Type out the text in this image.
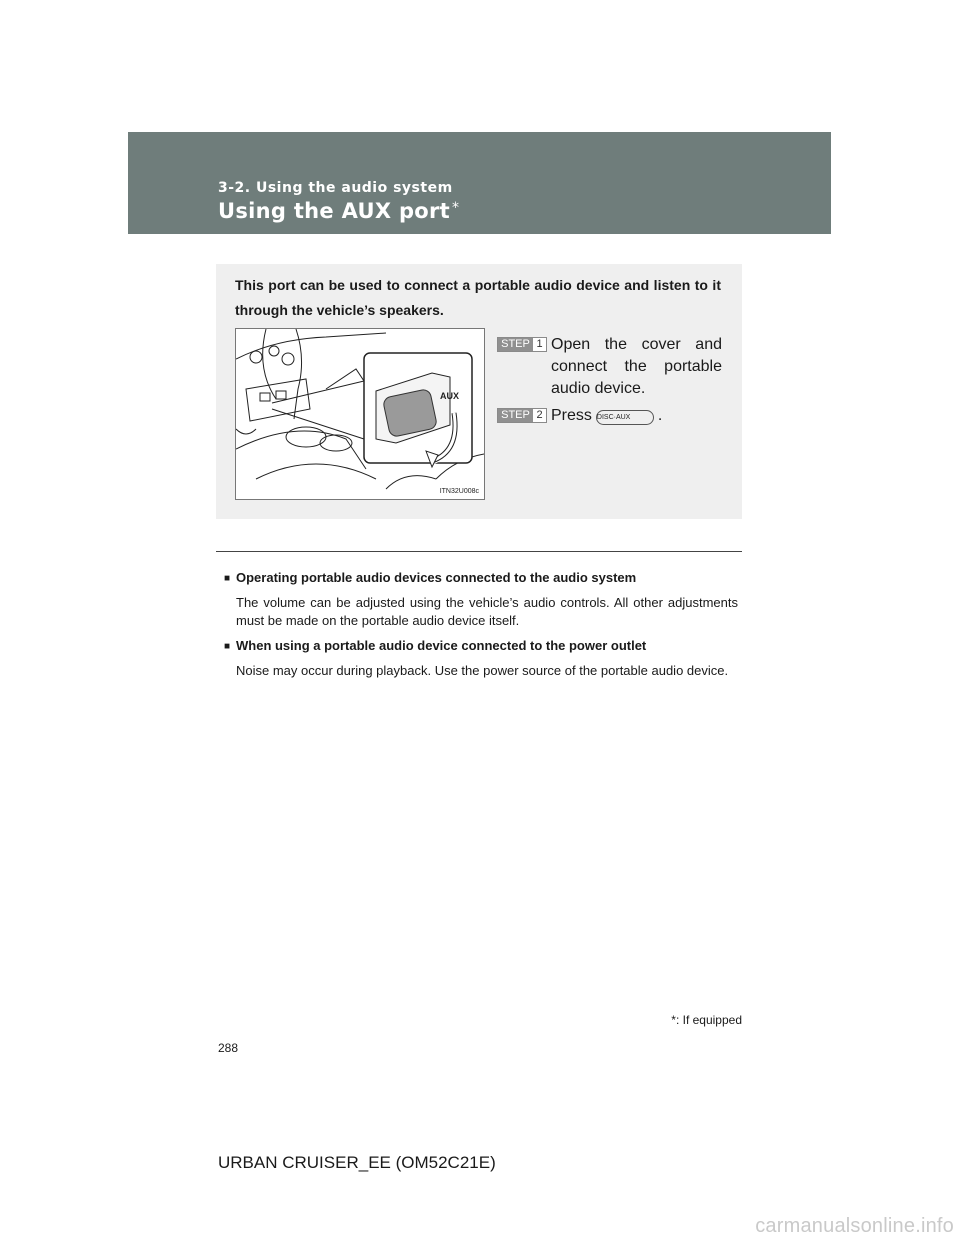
3-2. Using the audio system
Using the AUX port *

This port can be used to connect a portable audio device and listen to it through the vehicle’s speakers.

AUX
ITN32U008c
STEP 1 Open the cover and connect the portable audio device.
STEP 2 Press DISC·AUX .

■ Operating portable audio devices connected to the audio system

The volume can be adjusted using the vehicle’s audio controls. All other adjustments must be made on the portable audio device itself.

■ When using a portable audio device connected to the power outlet

Noise may occur during playback. Use the power source of the portable audio device.

*: If equipped
288
URBAN CRUISER_EE (OM52C21E)
carmanualsonline.info
